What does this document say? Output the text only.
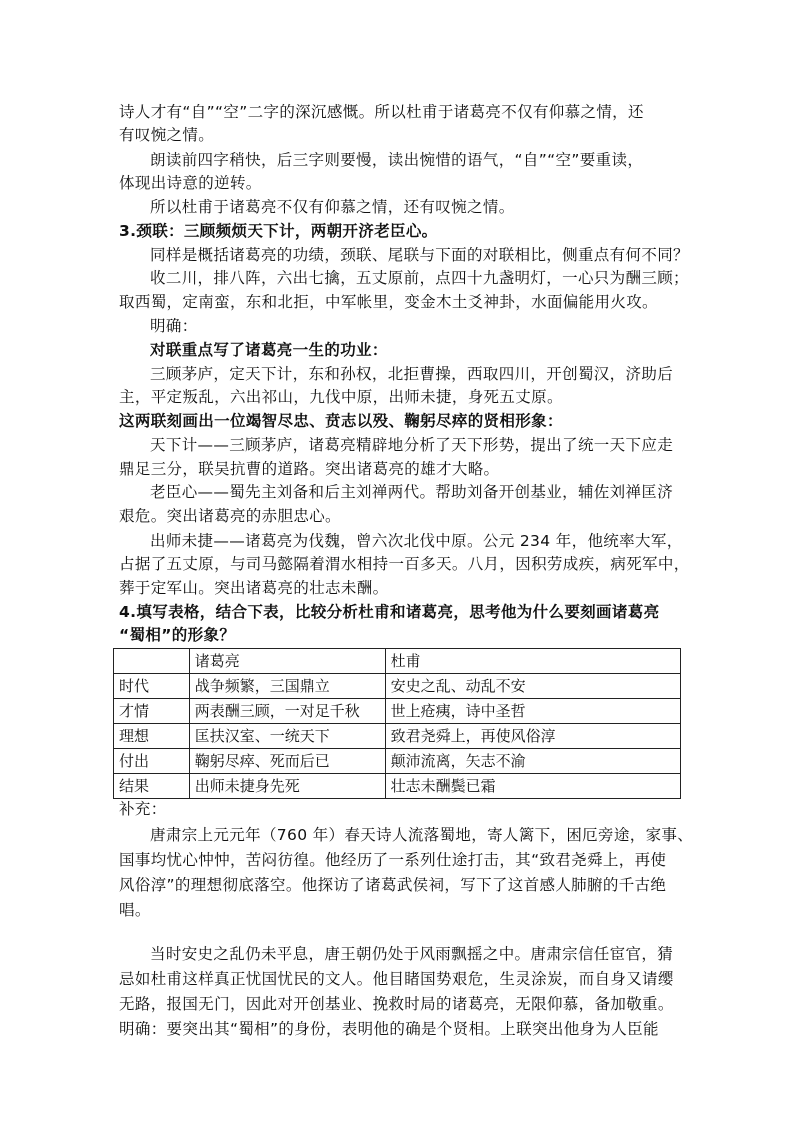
诗人才有“自”“空”二字的深沉感慨。所以杜甫于诸葛亮不仅有仰慕之情，还
有叹惋之情。
朗读前四字稍快，后三字则要慢，读出惋惜的语气，“自”“空”要重读，
体现出诗意的逆转。
所以杜甫于诸葛亮不仅有仰慕之情，还有叹惋之情。
3.颈联：三顾频烦天下计，两朝开济老臣心。
同样是概括诸葛亮的功绩，颈联、尾联与下面的对联相比，侧重点有何不同？
收二川，排八阵，六出七擒，五丈原前，点四十九盏明灯，一心只为酬三顾；
取西蜀，定南蛮，东和北拒，中军帐里，变金木土爻神卦，水面偏能用火攻。
明确：
对联重点写了诸葛亮一生的功业：
三顾茅庐，定天下计，东和孙权，北拒曹操，西取四川，开创蜀汉，济助后
主，平定叛乱，六出祁山，九伐中原，出师未捷，身死五丈原。
这两联刻画出一位竭智尽忠、贲志以殁、鞠躬尽瘁的贤相形象：
天下计——三顾茅庐，诸葛亮精辟地分析了天下形势，提出了统一天下应走
鼎足三分，联吴抗曹的道路。突出诸葛亮的雄才大略。
老臣心——蜀先主刘备和后主刘禅两代。帮助刘备开创基业，辅佐刘禅匡济
艰危。突出诸葛亮的赤胆忠心。
出师未捷——诸葛亮为伐魏，曾六次北伐中原。公元 234 年，他统率大军，
占据了五丈原，与司马懿隔着渭水相持一百多天。八月，因积劳成疾，病死军中，
葬于定军山。突出诸葛亮的壮志未酬。
4.填写表格，结合下表，比较分析杜甫和诸葛亮，思考他为什么要刻画诸葛亮
“蜀相”的形象？
	诸葛亮	杜甫
时代	战争频繁，三国鼎立	安史之乱、动乱不安
才情	两表酬三顾，一对足千秋	世上疮痍，诗中圣哲
理想	匡扶汉室、一统天下	致君尧舜上，再使风俗淳
付出	鞠躬尽瘁、死而后已	颠沛流离，矢志不渝
结果	出师未捷身先死	壮志未酬鬓已霜
补充：
唐肃宗上元元年（760 年）春天诗人流落蜀地，寄人篱下，困厄旁途，家事、
国事均忧心忡忡，苦闷彷徨。他经历了一系列仕途打击，其“致君尧舜上，再使
风俗淳”的理想彻底落空。他探访了诸葛武侯祠，写下了这首感人肺腑的千古绝
唱。
当时安史之乱仍未平息，唐王朝仍处于风雨飘摇之中。唐肃宗信任宦官，猜
忌如杜甫这样真正忧国忧民的文人。他目睹国势艰危，生灵涂炭，而自身又请缨
无路，报国无门，因此对开创基业、挽救时局的诸葛亮，无限仰慕，备加敬重。
明确：要突出其“蜀相”的身份，表明他的确是个贤相。上联突出他身为人臣能
